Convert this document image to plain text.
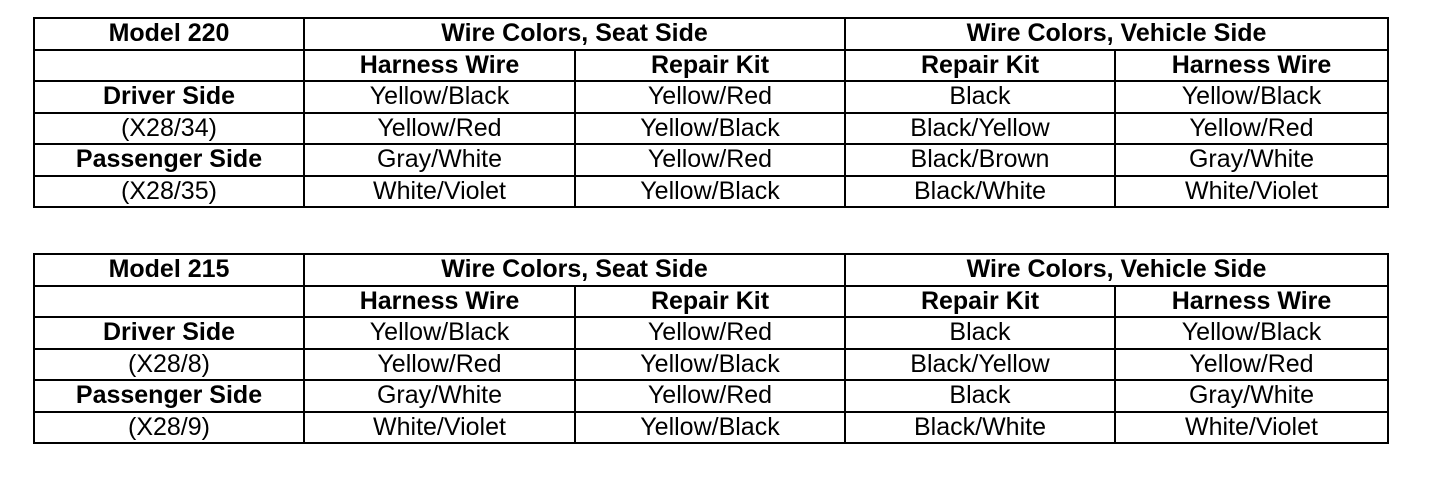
Model 220	Wire Colors, Seat Side		Wire Colors, Vehicle Side	
	Harness Wire	Repair Kit	Repair Kit	Harness Wire
Driver Side	Yellow/Black	Yellow/Red	Black	Yellow/Black
(X28/34)	Yellow/Red	Yellow/Black	Black/Yellow	Yellow/Red
Passenger Side	Gray/White	Yellow/Red	Black/Brown	Gray/White
(X28/35)	White/Violet	Yellow/Black	Black/White	White/Violet
Model 215	Wire Colors, Seat Side		Wire Colors, Vehicle Side	
	Harness Wire	Repair Kit	Repair Kit	Harness Wire
Driver Side	Yellow/Black	Yellow/Red	Black	Yellow/Black
(X28/8)	Yellow/Red	Yellow/Black	Black/Yellow	Yellow/Red
Passenger Side	Gray/White	Yellow/Red	Black	Gray/White
(X28/9)	White/Violet	Yellow/Black	Black/White	White/Violet
